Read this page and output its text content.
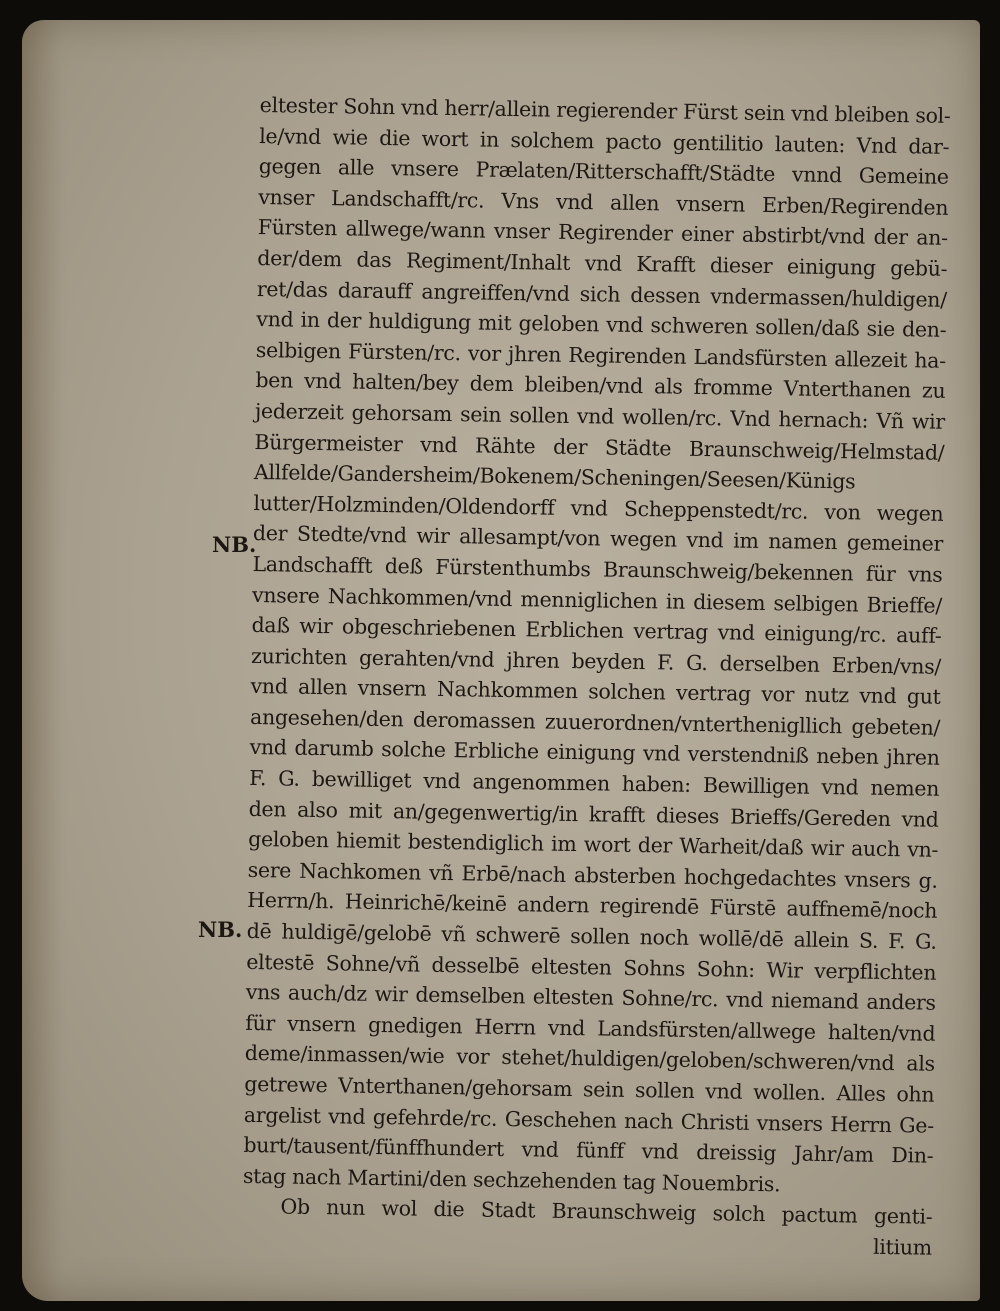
eltester Sohn vnd herr/allein regierender Fürst sein vnd bleiben sol-
le/vnd wie die wort in solchem pacto gentilitio lauten: Vnd dar-
gegen alle vnsere Prælaten/Ritterschafft/Städte vnnd Gemeine
vnser Landschafft/rc. Vns vnd allen vnsern Erben/Regirenden
Fürsten allwege/wann vnser Regirender einer abstirbt/vnd der an-
der/dem das Regiment/Inhalt vnd Krafft dieser einigung gebü-
ret/das darauff angreiffen/vnd sich dessen vndermassen/huldigen/
vnd in der huldigung mit geloben vnd schweren sollen/daß sie den-
selbigen Fürsten/rc. vor jhren Regirenden Landsfürsten allezeit ha-
ben vnd halten/bey dem bleiben/vnd als fromme Vnterthanen zu
jederzeit gehorsam sein sollen vnd wollen/rc. Vnd hernach: Vñ wir
Bürgermeister vnd Rähte der Städte Braunschweig/Helmstad/
Allfelde/Gandersheim/Bokenem/Scheningen/Seesen/Künigs
lutter/Holzminden/Oldendorff vnd Scheppenstedt/rc. von wegen
der Stedte/vnd wir allesampt/von wegen vnd im namen gemeiner
Landschafft deß Fürstenthumbs Braunschweig/bekennen für vns
vnsere Nachkommen/vnd menniglichen in diesem selbigen Brieffe/
daß wir obgeschriebenen Erblichen vertrag vnd einigung/rc. auff-
zurichten gerahten/vnd jhren beyden F. G. derselben Erben/vns/
vnd allen vnsern Nachkommen solchen vertrag vor nutz vnd gut
angesehen/den deromassen zuuerordnen/vnterthenigllich gebeten/
vnd darumb solche Erbliche einigung vnd verstendniß neben jhren
F. G. bewilliget vnd angenommen haben: Bewilligen vnd nemen
den also mit an/gegenwertig/in krafft dieses Brieffs/Gereden vnd
geloben hiemit bestendiglich im wort der Warheit/daß wir auch vn-
sere Nachkomen vñ Erbē/nach absterben hochgedachtes vnsers g.
Herrn/h. Heinrichē/keinē andern regirendē Fürstē auffnemē/noch
dē huldigē/gelobē vñ schwerē sollen noch wollē/dē allein S. F. G.
eltestē Sohne/vñ desselbē eltesten Sohns Sohn: Wir verpflichten
vns auch/dz wir demselben eltesten Sohne/rc. vnd niemand anders
für vnsern gnedigen Herrn vnd Landsfürsten/allwege halten/vnd
deme/inmassen/wie vor stehet/huldigen/geloben/schweren/vnd als
getrewe Vnterthanen/gehorsam sein sollen vnd wollen. Alles ohn
argelist vnd gefehrde/rc. Geschehen nach Christi vnsers Herrn Ge-
burt/tausent/fünffhundert vnd fünff vnd dreissig Jahr/am Din-
stag nach Martini/den sechzehenden tag Nouembris.
Ob nun wol die Stadt Braunschweig solch pactum genti-
litium
NB.
NB.
